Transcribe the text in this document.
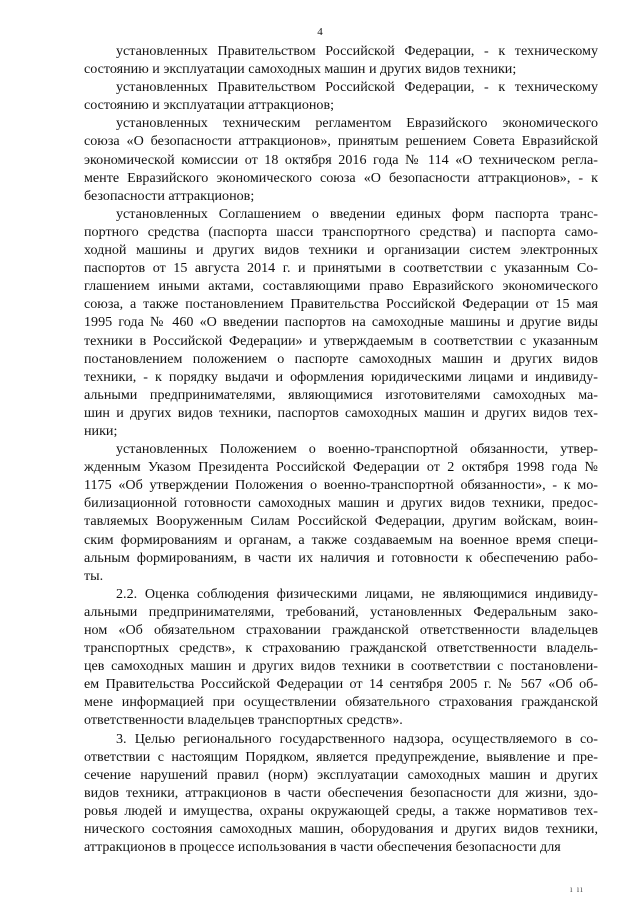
4
установленных Правительством Российской Федерации, - к техническому
состоянию и эксплуатации самоходных машин и других видов техники;
установленных Правительством Российской Федерации, - к техническому
состоянию и эксплуатации аттракционов;
установленных техническим регламентом Евразийского экономического
союза «О безопасности аттракционов», принятым решением Совета Евразийской
экономической комиссии от 18 октября 2016 года № 114 «О техническом регла-
менте Евразийского экономического союза «О безопасности аттракционов», - к
безопасности аттракционов;
установленных Соглашением о введении единых форм паспорта транс-
портного средства (паспорта шасси транспортного средства) и паспорта само-
ходной машины и других видов техники и организации систем электронных
паспортов от 15 августа 2014 г. и принятыми в соответствии с указанным Со-
глашением иными актами, составляющими право Евразийского экономического
союза, а также постановлением Правительства Российской Федерации от 15 мая
1995 года № 460 «О введении паспортов на самоходные машины и другие виды
техники в Российской Федерации» и утверждаемым в соответствии с указанным
постановлением положением о паспорте самоходных машин и других видов
техники, - к порядку выдачи и оформления юридическими лицами и индивиду-
альными предпринимателями, являющимися изготовителями самоходных ма-
шин и других видов техники, паспортов самоходных машин и других видов тех-
ники;
установленных Положением о военно-транспортной обязанности, утвер-
жденным Указом Президента Российской Федерации от 2 октября 1998 года №
1175 «Об утверждении Положения о военно-транспортной обязанности», - к мо-
билизационной готовности самоходных машин и других видов техники, предос-
тавляемых Вооруженным Силам Российской Федерации, другим войскам, воин-
ским формированиям и органам, а также создаваемым на военное время специ-
альным формированиям, в части их наличия и готовности к обеспечению рабо-
ты.
2.2. Оценка соблюдения физическими лицами, не являющимися индивиду-
альными предпринимателями, требований, установленных Федеральным зако-
ном «Об обязательном страховании гражданской ответственности владельцев
транспортных средств», к страхованию гражданской ответственности владель-
цев самоходных машин и других видов техники в соответствии с постановлени-
ем Правительства Российской Федерации от 14 сентября 2005 г. № 567 «Об об-
мене информацией при осуществлении обязательного страхования гражданской
ответственности владельцев транспортных средств».
3. Целью регионального государственного надзора, осуществляемого в со-
ответствии с настоящим Порядком, является предупреждение, выявление и пре-
сечение нарушений правил (норм) эксплуатации самоходных машин и других
видов техники, аттракционов в части обеспечения безопасности для жизни, здо-
ровья людей и имущества, охраны окружающей среды, а также нормативов тех-
нического состояния самоходных машин, оборудования и других видов техники,
аттракционов в процессе использования в части обеспечения безопасности для
ı ıı
